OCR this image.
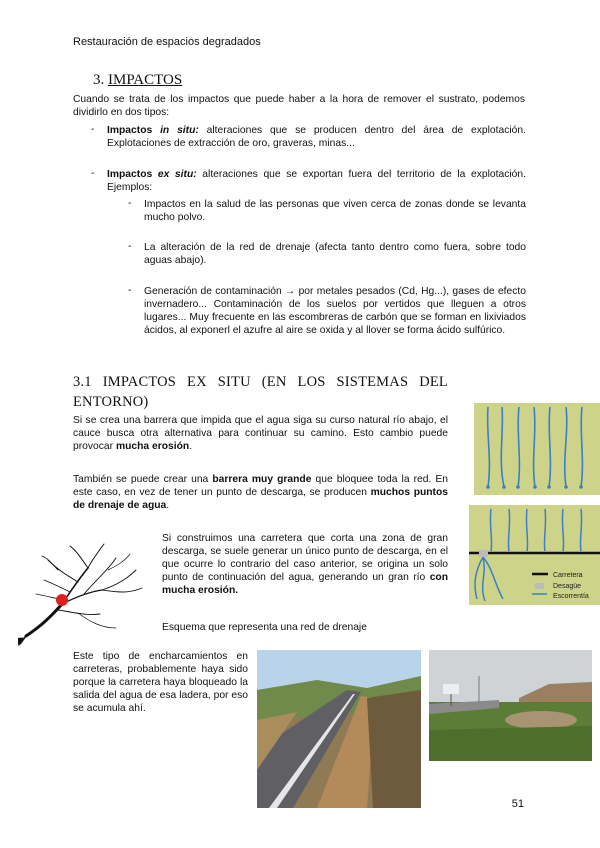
Restauración de espacios degradados
3. IMPACTOS
Cuando se trata de los impactos que puede haber a la hora de remover el sustrato, podemos dividirlo en dos tipos:
- Impactos in situ: alteraciones que se producen dentro del área de explotación. Explotaciones de extracción de oro, graveras, minas...
- Impactos ex situ: alteraciones que se exportan fuera del territorio de la explotación. Ejemplos:
- Impactos en la salud de las personas que viven cerca de zonas donde se levanta mucho polvo.
- La alteración de la red de drenaje (afecta tanto dentro como fuera, sobre todo aguas abajo).
- Generación de contaminación → por metales pesados (Cd, Hg...), gases de efecto invernadero... Contaminación de los suelos por vertidos que lleguen a otros lugares... Muy frecuente en las escombreras de carbón que se forman en lixiviados ácidos, al exponerl el azufre al aire se oxida y al llover se forma ácido sulfúrico.
3.1 IMPACTOS EX SITU (EN LOS SISTEMAS DEL ENTORNO)
Si se crea una barrera que impida que el agua siga su curso natural río abajo, el cauce busca otra alternativa para continuar su camino. Esto cambio puede provocar mucha erosión.
También se puede crear una barrera muy grande que bloquee toda la red. En este caso, en vez de tener un punto de descarga, se producen muchos puntos de drenaje de agua.
Si construimos una carretera que corta una zona de gran descarga, se suele generar un único punto de descarga, en el que ocurre lo contrario del caso anterior, se origina un solo punto de continuación del agua, generando un gran río con mucha erosión.
Esquema que representa una red de drenaje
Este tipo de encharcamientos en carreteras, probablemente haya sido porque la carretera haya bloqueado la salida del agua de esa ladera, por eso se acumula ahí.
Carretera
Desagüe
Escorrentía
51
